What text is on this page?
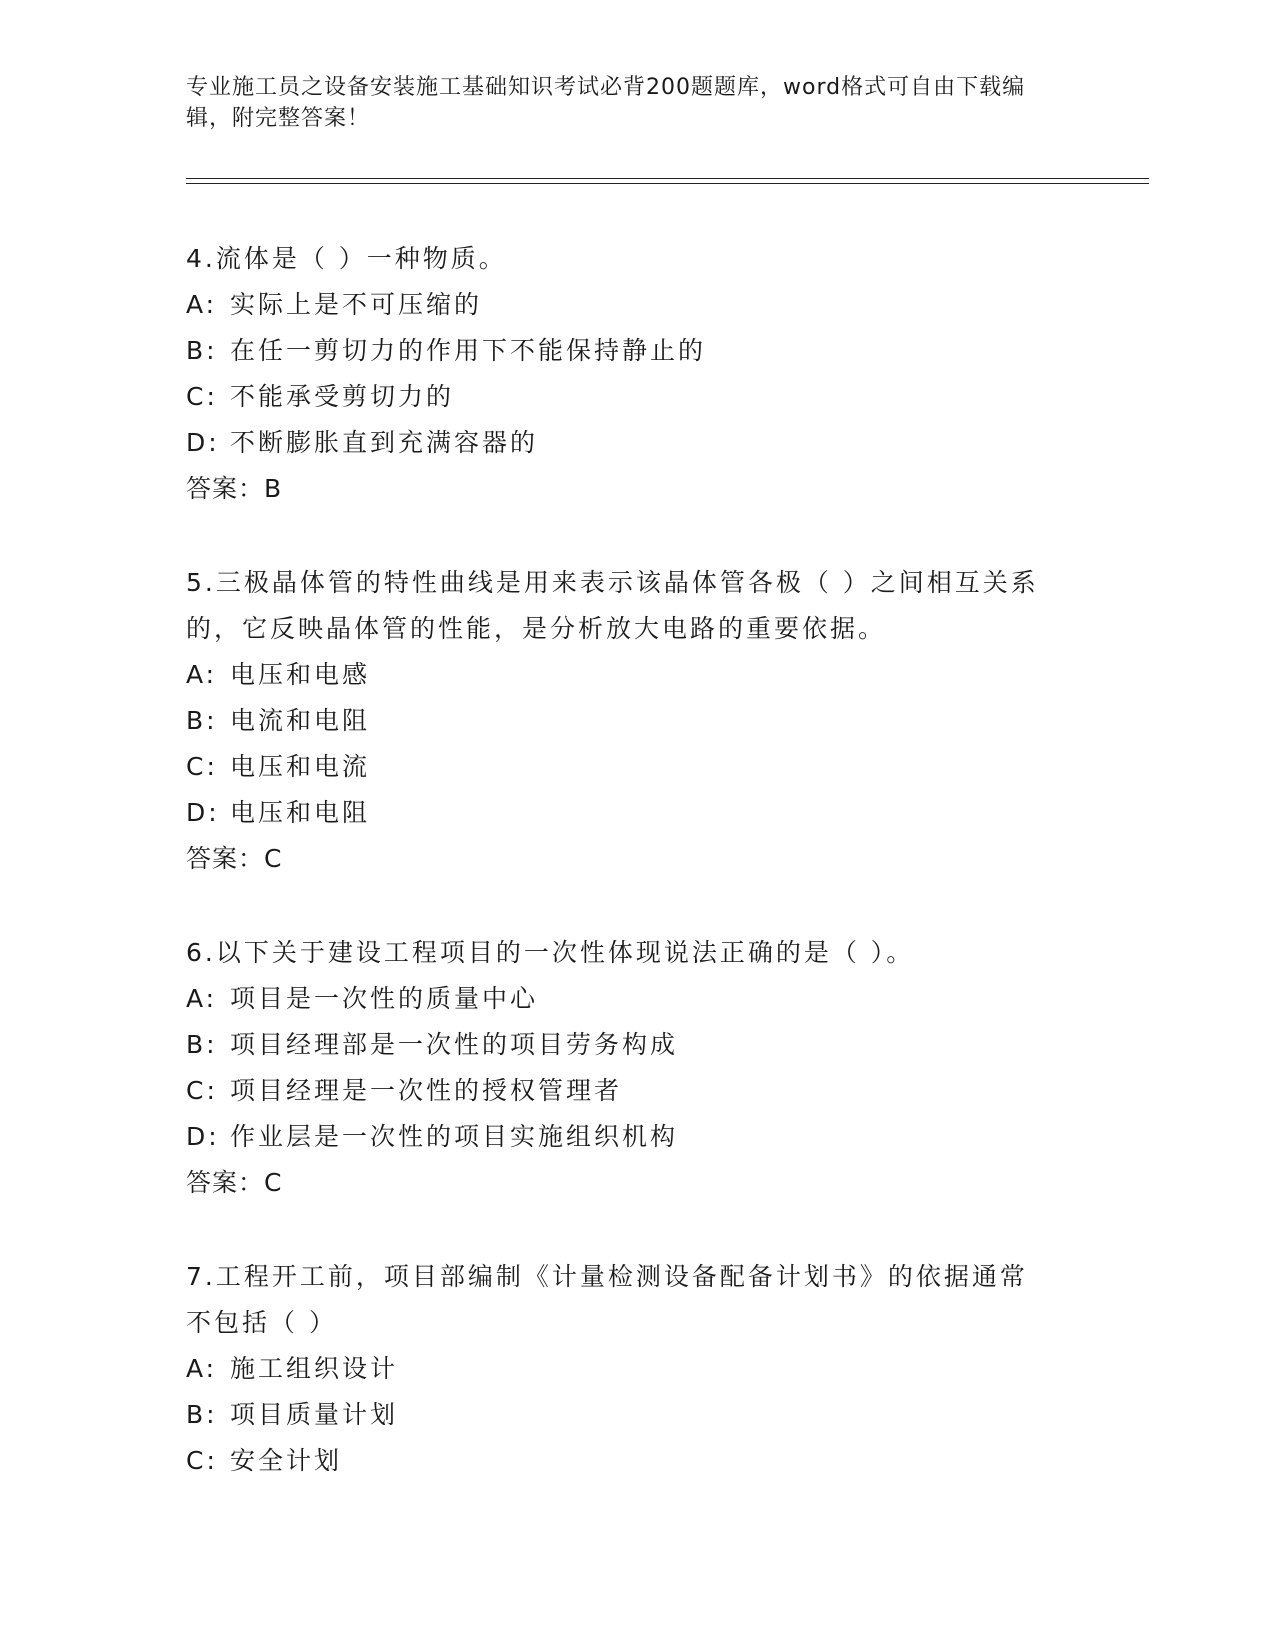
专业施工员之设备安装施工基础知识考试必背200题题库，word格式可自由下载编辑，附完整答案！
4.流体是（ ）一种物质。
A: 实际上是不可压缩的
B: 在任一剪切力的作用下不能保持静止的
C: 不能承受剪切力的
D: 不断膨胀直到充满容器的
答案：B
5.三极晶体管的特性曲线是用来表示该晶体管各极（ ）之间相互关系
的，它反映晶体管的性能，是分析放大电路的重要依据。
A: 电压和电感
B: 电流和电阻
C: 电压和电流
D: 电压和电阻
答案：C
6.以下关于建设工程项目的一次性体现说法正确的是（ ）。
A: 项目是一次性的质量中心
B: 项目经理部是一次性的项目劳务构成
C: 项目经理是一次性的授权管理者
D: 作业层是一次性的项目实施组织机构
答案：C
7.工程开工前，项目部编制《计量检测设备配备计划书》的依据通常
不包括（ ）
A: 施工组织设计
B: 项目质量计划
C: 安全计划
